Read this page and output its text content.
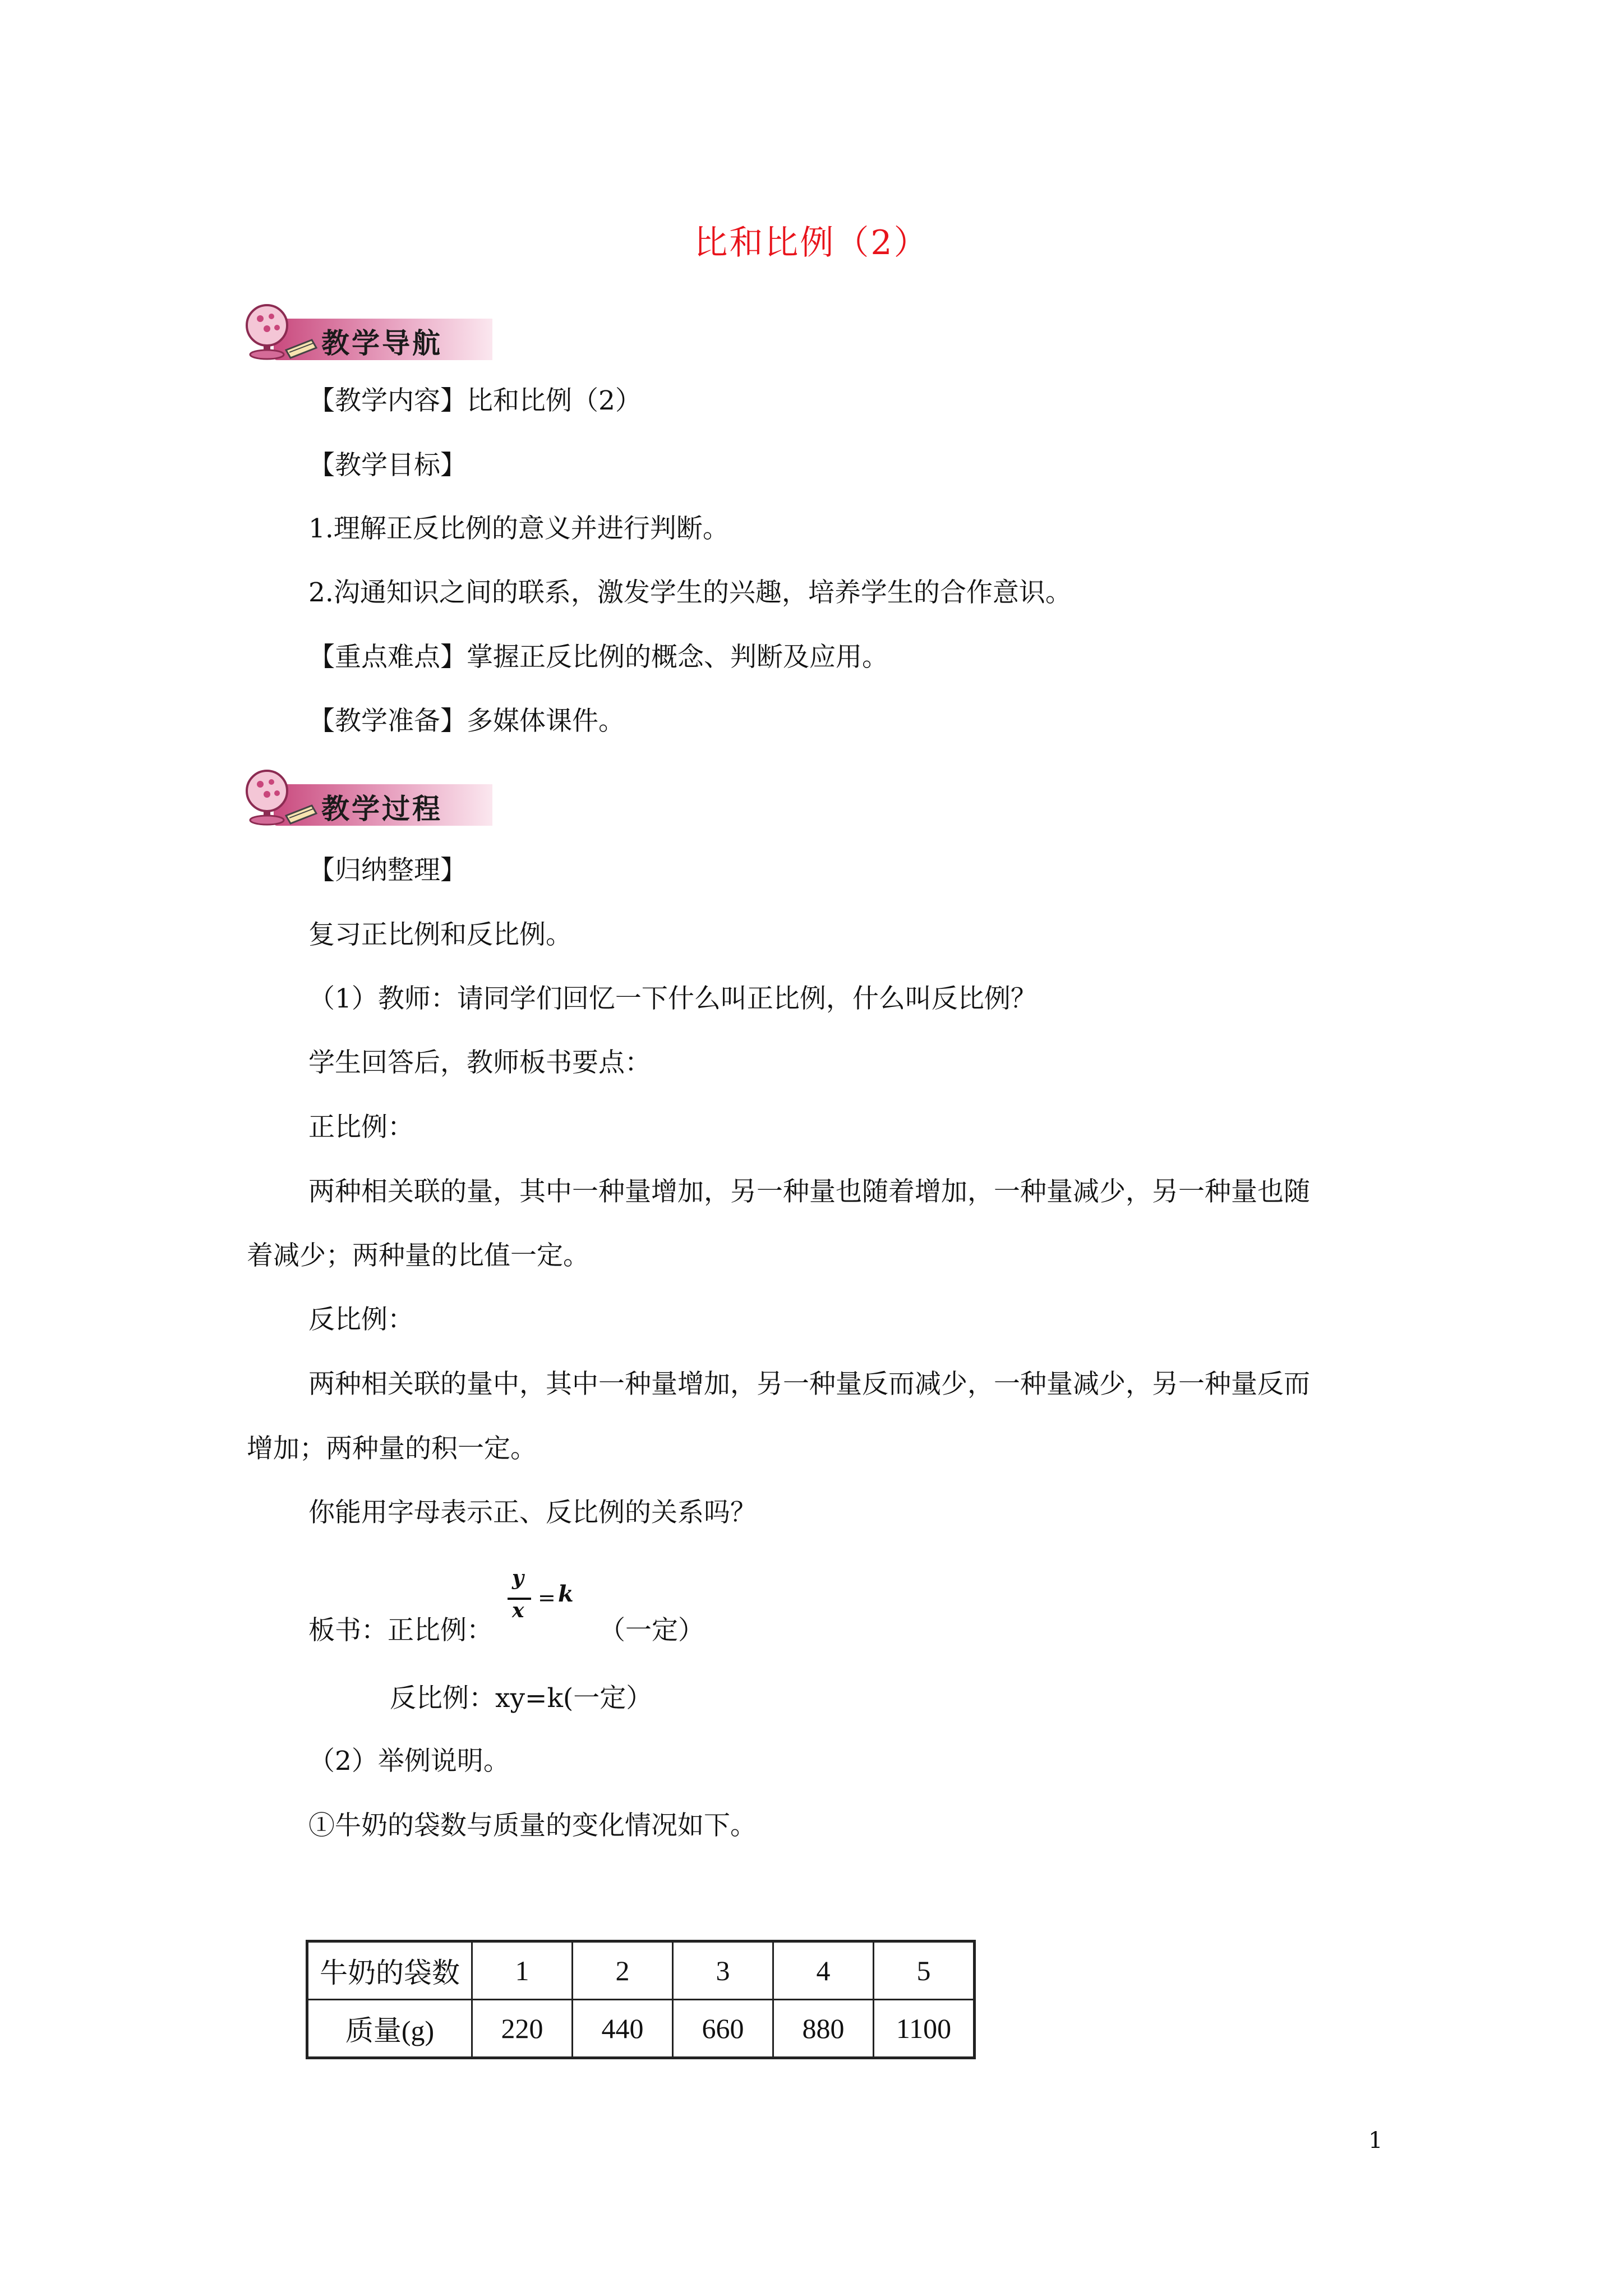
比和比例（2）
教学导航
【教学内容】比和比例（2）
【教学目标】
1.理解正反比例的意义并进行判断。
2.沟通知识之间的联系，激发学生的兴趣，培养学生的合作意识。
【重点难点】掌握正反比例的概念、判断及应用。
【教学准备】多媒体课件。
教学过程
【归纳整理】
复习正比例和反比例。
（1）教师：请同学们回忆一下什么叫正比例，什么叫反比例？
学生回答后，教师板书要点：
正比例：
两种相关联的量，其中一种量增加，另一种量也随着增加，一种量减少，另一种量也随
着减少；两种量的比值一定。
反比例：
两种相关联的量中，其中一种量增加，另一种量反而减少，一种量减少，另一种量反而
增加；两种量的积一定。
你能用字母表示正、反比例的关系吗？
板书：正比例：
y
x
= k
（一定）
反比例：xy=k(一定）
（2）举例说明。
①牛奶的袋数与质量的变化情况如下。
牛奶的袋数	1	2	3	4	5
质量(g)	220	440	660	880	1100
1
